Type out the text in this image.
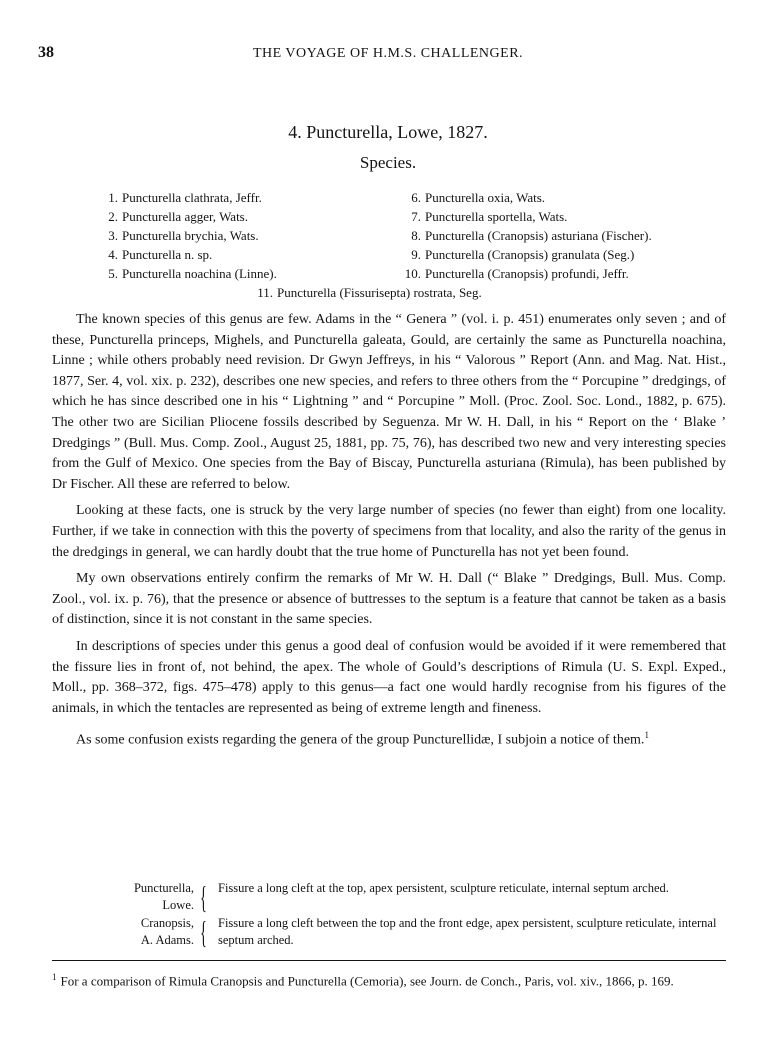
38	THE VOYAGE OF H.M.S. CHALLENGER.
4. Puncturella, Lowe, 1827.
Species.
1. Puncturella clathrata, Jeffr.
2. Puncturella agger, Wats.
3. Puncturella brychia, Wats.
4. Puncturella n. sp.
5. Puncturella noachina (Linne).
6. Puncturella oxia, Wats.
7. Puncturella sportella, Wats.
8. Puncturella (Cranopsis) asturiana (Fischer).
9. Puncturella (Cranopsis) granulata (Seg.)
10. Puncturella (Cranopsis) profundi, Jeffr.
11. Puncturella (Fissurisepta) rostrata, Seg.

The known species of this genus are few. Adams in the “ Genera ” (vol. i. p. 451) enumerates only seven ; and of these, Puncturella princeps, Mighels, and Puncturella galeata, Gould, are certainly the same as Puncturella noachina, Linne ; while others probably need revision. Dr Gwyn Jeffreys, in his “ Valorous ” Report (Ann. and Mag. Nat. Hist., 1877, Ser. 4, vol. xix. p. 232), describes one new species, and refers to three others from the “ Porcupine ” dredgings, of which he has since described one in his “ Lightning ” and “ Porcupine ” Moll. (Proc. Zool. Soc. Lond., 1882, p. 675). The other two are Sicilian Pliocene fossils described by Seguenza. Mr W. H. Dall, in his “ Report on the ‘ Blake ’ Dredgings ” (Bull. Mus. Comp. Zool., August 25, 1881, pp. 75, 76), has described two new and very interesting species from the Gulf of Mexico. One species from the Bay of Biscay, Puncturella asturiana (Rimula), has been published by Dr Fischer. All these are referred to below.

Looking at these facts, one is struck by the very large number of species (no fewer than eight) from one locality. Further, if we take in connection with this the poverty of specimens from that locality, and also the rarity of the genus in the dredgings in general, we can hardly doubt that the true home of Puncturella has not yet been found.

My own observations entirely confirm the remarks of Mr W. H. Dall (“ Blake ” Dredgings, Bull. Mus. Comp. Zool., vol. ix. p. 76), that the presence or absence of buttresses to the septum is a feature that cannot be taken as a basis of distinction, since it is not constant in the same species.

In descriptions of species under this genus a good deal of confusion would be avoided if it were remembered that the fissure lies in front of, not behind, the apex. The whole of Gould’s descriptions of Rimula (U. S. Expl. Exped., Moll., pp. 368–372, figs. 475–478) apply to this genus—a fact one would hardly recognise from his figures of the animals, in which the tentacles are represented as being of extreme length and fineness.

As some confusion exists regarding the genera of the group Puncturellidæ, I subjoin a notice of them.$^1$

Puncturella,
Lowe. { Fissure a long cleft at the top, apex persistent, sculpture reticulate, internal septum arched.
Cranopsis,
A. Adams. { Fissure a long cleft between the top and the front edge, apex persistent, sculpture reticulate, internal septum arched.
$^1$ For a comparison of Rimula Cranopsis and Puncturella (Cemoria), see Journ. de Conch., Paris, vol. xiv., 1866, p. 169.
